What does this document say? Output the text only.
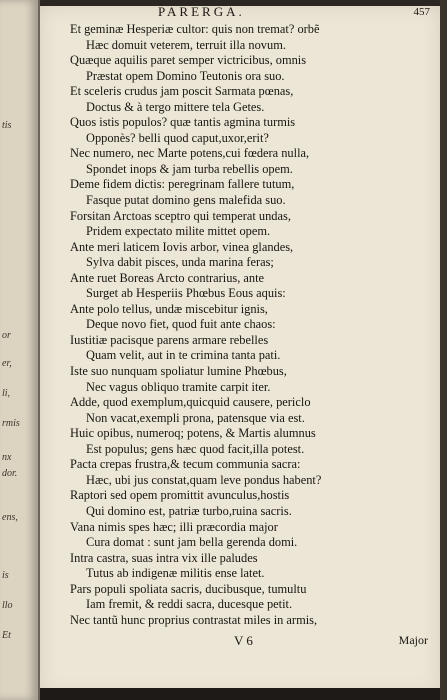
tis
or
er,
li,
rmis
nx
dor.
ens,
is
llo
Et
PARERGA.	457
Et geminæ Hesperiæ cultor: quis non tremat? orbẽ
Hæc domuit veterem, terruit illa novum.
Quæque aquilis paret semper victricibus, omnis
Præstat opem Domino Teutonis ora suo.
Et sceleris crudus jam poscit Sarmata pœnas,
Doctus & à tergo mittere tela Getes.
Quos istis populos? quæ tantis agmina turmis
Opponès? belli quod caput,uxor,erit?
Nec numero, nec Marte potens,cui fœdera nulla,
Spondet inops & jam turba rebellis opem.
Deme fidem dictis: peregrinam fallere tutum,
Fasque putat domino gens malefida suo.
Forsitan Arctoas sceptro qui temperat undas,
Pridem expectato milite mittet opem.
Ante meri laticem Iovis arbor, vinea glandes,
Sylva dabit pisces, unda marina feras;
Ante ruet Boreas Arcto contrarius, ante
Surget ab Hesperiis Phœbus Eous aquis:
Ante polo tellus, undæ miscebitur ignis,
Deque novo fiet, quod fuit ante chaos:
Iustitiæ pacisque parens armare rebelles
Quam velit, aut in te crimina tanta pati.
Iste suo nunquam spoliatur lumine Phœbus,
Nec vagus obliquo tramite carpit iter.
Adde, quod exemplum,quicquid causere, periclo
Non vacat,exempli prona, patensque via est.
Huic opibus, numeroq; potens, & Martis alumnus
Est populus; gens hæc quod facit,illa potest.
Pacta crepas frustra,& tecum communia sacra:
Hæc, ubi jus constat,quam leve pondus habent?
Raptori sed opem promittit avunculus,hostis
Qui domino est, patriæ turbo,ruina sacris.
Vana nimis spes hæc; illi præcordia major
Cura domat : sunt jam bella gerenda domi.
Intra castra, suas intra vix ille paludes
Tutus ab indigenæ militis ense latet.
Pars populi spoliata sacris, ducibusque, tumultu
Iam fremit, & reddi sacra, ducesque petit.
Nec tantũ hunc proprius contrastat miles in armis,
V 6	Major
